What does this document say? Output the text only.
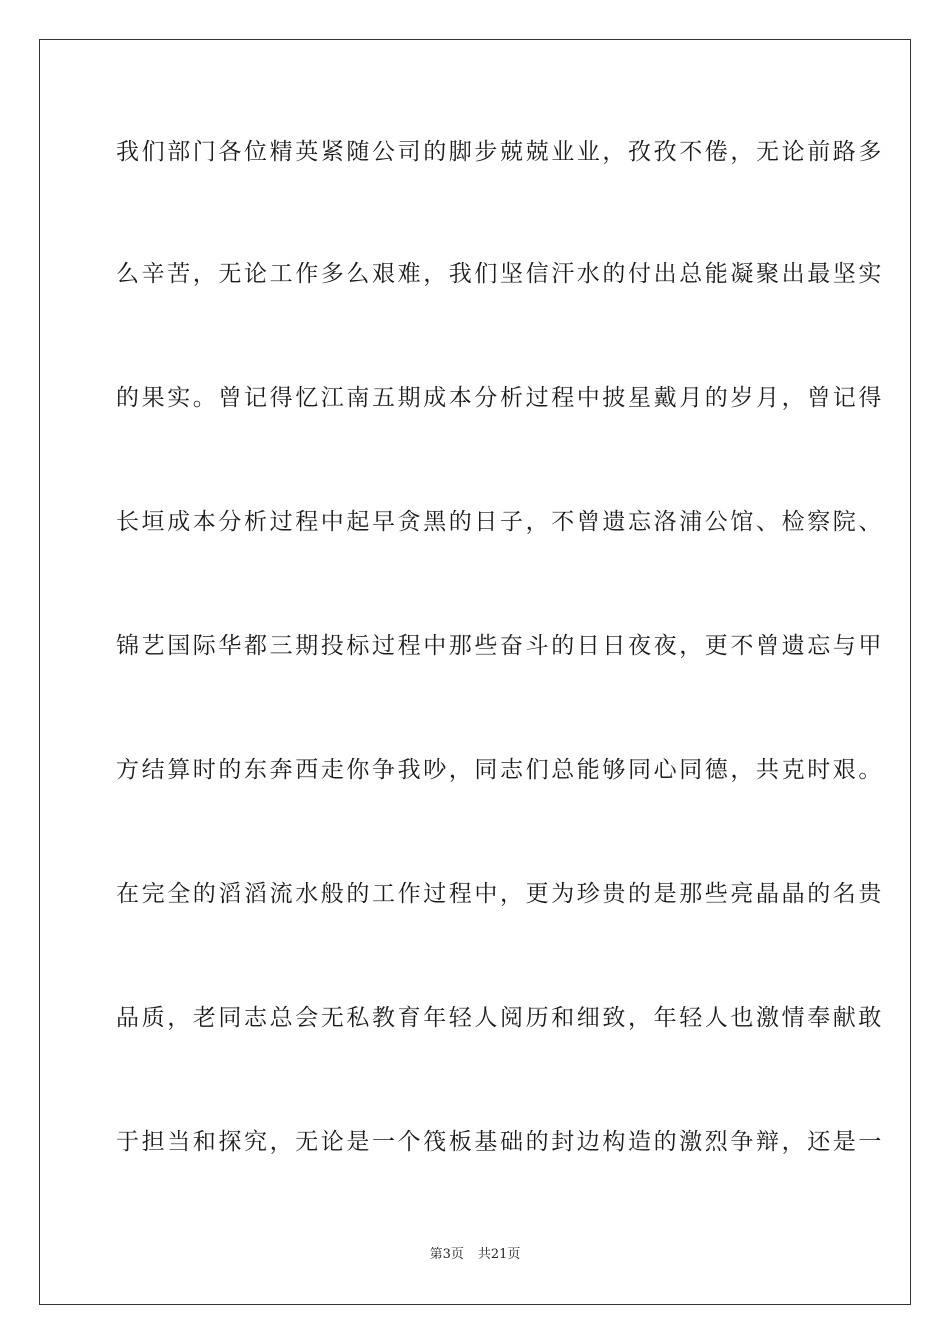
我们部门各位精英紧随公司的脚步兢兢业业，孜孜不倦，无论前路多
么辛苦，无论工作多么艰难，我们坚信汗水的付出总能凝聚出最坚实
的果实。曾记得忆江南五期成本分析过程中披星戴月的岁月，曾记得
长垣成本分析过程中起早贪黑的日子，不曾遗忘洛浦公馆、检察院、
锦艺国际华都三期投标过程中那些奋斗的日日夜夜，更不曾遗忘与甲
方结算时的东奔西走你争我吵，同志们总能够同心同德，共克时艰。
在完全的滔滔流水般的工作过程中，更为珍贵的是那些亮晶晶的名贵
品质，老同志总会无私教育年轻人阅历和细致，年轻人也激情奉献敢
于担当和探究，无论是一个筏板基础的封边构造的激烈争辩，还是一
第3页 共21页
